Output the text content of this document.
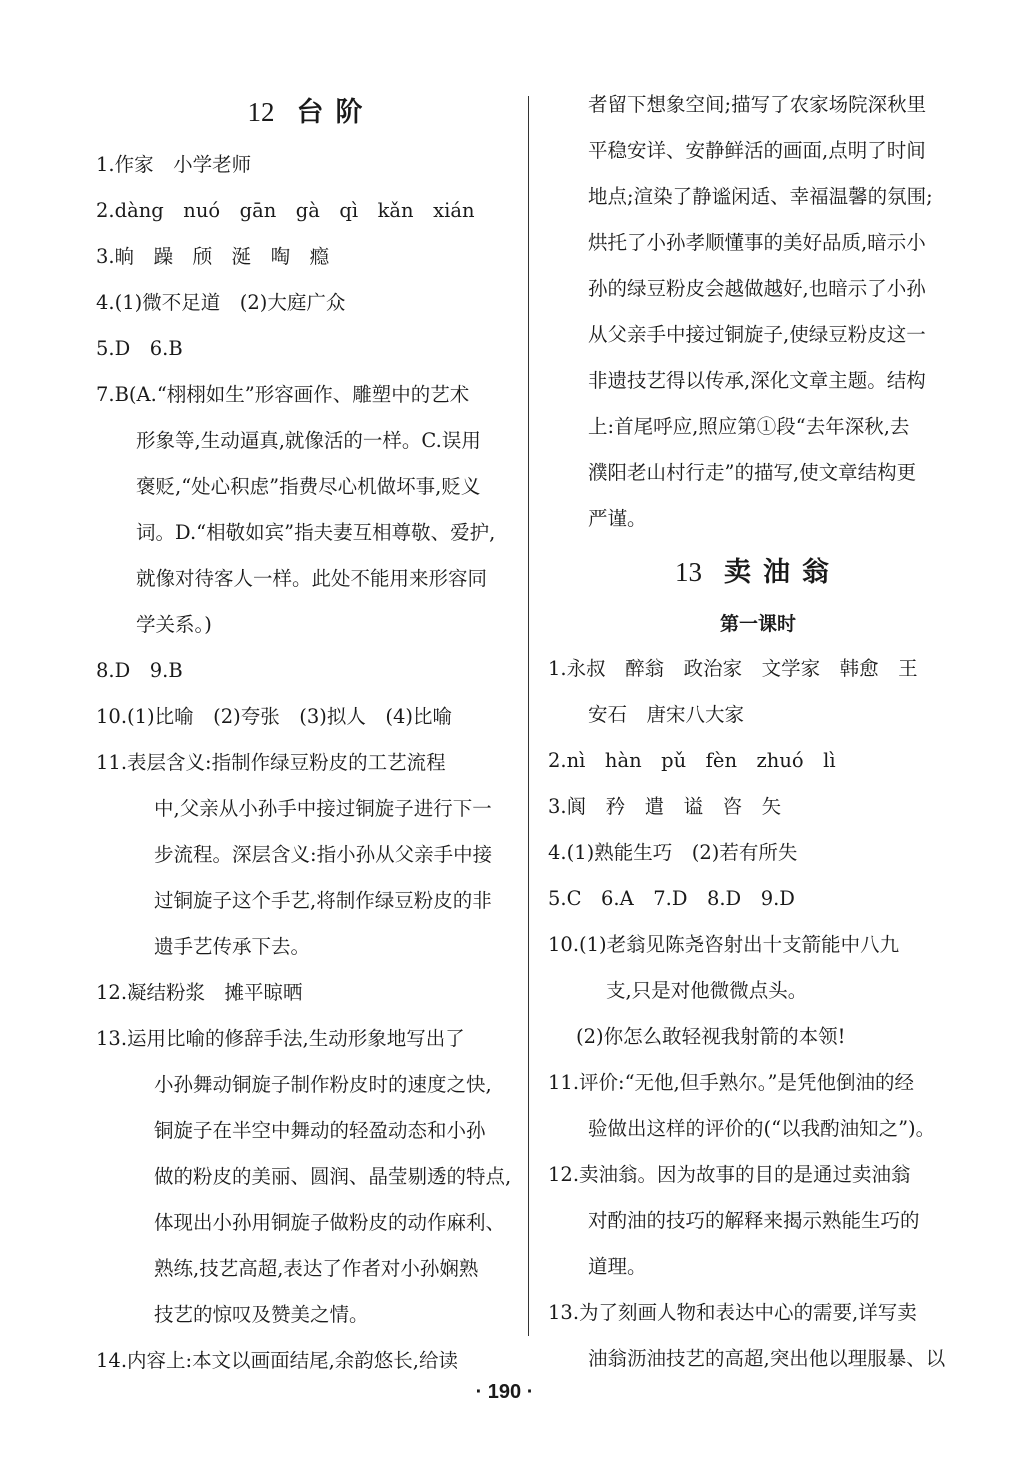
12 台阶
1.作家　小学老师
2.dàng　nuó　gān　gà　qì　kǎn　xián
3.晌　躁　颀　涎　啕　瘾
4.(1)微不足道　(2)大庭广众
5.D　6.B
7.B(A.“栩栩如生”形容画作、雕塑中的艺术
形象等,生动逼真,就像活的一样。C.误用
褒贬,“处心积虑”指费尽心机做坏事,贬义
词。D.“相敬如宾”指夫妻互相尊敬、爱护,
就像对待客人一样。此处不能用来形容同
学关系。)
8.D　9.B
10.(1)比喻　(2)夸张　(3)拟人　(4)比喻
11.表层含义:指制作绿豆粉皮的工艺流程
中,父亲从小孙手中接过铜旋子进行下一
步流程。深层含义:指小孙从父亲手中接
过铜旋子这个手艺,将制作绿豆粉皮的非
遗手艺传承下去。
12.凝结粉浆　摊平晾晒
13.运用比喻的修辞手法,生动形象地写出了
小孙舞动铜旋子制作粉皮时的速度之快,
铜旋子在半空中舞动的轻盈动态和小孙
做的粉皮的美丽、圆润、晶莹剔透的特点,
体现出小孙用铜旋子做粉皮的动作麻利、
熟练,技艺高超,表达了作者对小孙娴熟
技艺的惊叹及赞美之情。
14.内容上:本文以画面结尾,余韵悠长,给读
者留下想象空间;描写了农家场院深秋里
平稳安详、安静鲜活的画面,点明了时间
地点;渲染了静谧闲适、幸福温馨的氛围;
烘托了小孙孝顺懂事的美好品质,暗示小
孙的绿豆粉皮会越做越好,也暗示了小孙
从父亲手中接过铜旋子,使绿豆粉皮这一
非遗技艺得以传承,深化文章主题。结构
上:首尾呼应,照应第①段“去年深秋,去
濮阳老山村行走”的描写,使文章结构更
严谨。
13 卖油翁
第一课时
1.永叔　醉翁　政治家　文学家　韩愈　王
安石　唐宋八大家
2.nì　hàn　pǔ　fèn　zhuó　lì
3.阆　矜　遣　谥　咨　矢
4.(1)熟能生巧　(2)若有所失
5.C　6.A　7.D　8.D　9.D
10.(1)老翁见陈尧咨射出十支箭能中八九
支,只是对他微微点头。
(2)你怎么敢轻视我射箭的本领!
11.评价:“无他,但手熟尔。”是凭他倒油的经
验做出这样的评价的(“以我酌油知之”)。
12.卖油翁。因为故事的目的是通过卖油翁
对酌油的技巧的解释来揭示熟能生巧的
道理。
13.为了刻画人物和表达中心的需要,详写卖
油翁沥油技艺的高超,突出他以理服暴、以
· 190 ·
